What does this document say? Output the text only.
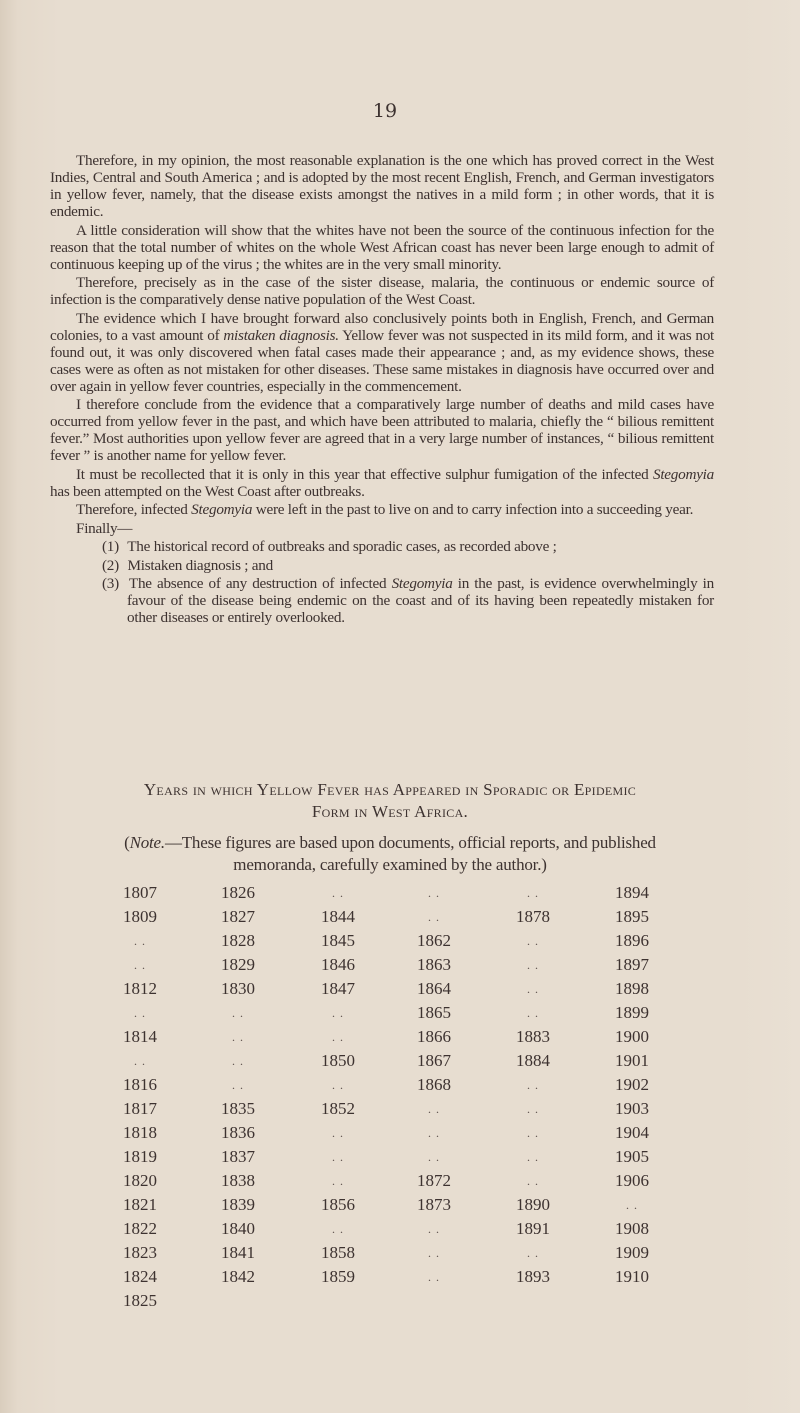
19

Therefore, in my opinion, the most reasonable explanation is the one which has proved correct in the West Indies, Central and South America ; and is adopted by the most recent English, French, and German investigators in yellow fever, namely, that the disease exists amongst the natives in a mild form ; in other words, that it is endemic.

A little consideration will show that the whites have not been the source of the continuous infection for the reason that the total number of whites on the whole West African coast has never been large enough to admit of continuous keeping up of the virus ; the whites are in the very small minority.

Therefore, precisely as in the case of the sister disease, malaria, the continuous or endemic source of infection is the comparatively dense native population of the West Coast.

The evidence which I have brought forward also conclusively points both in English, French, and German colonies, to a vast amount of mistaken diagnosis. Yellow fever was not suspected in its mild form, and it was not found out, it was only discovered when fatal cases made their appearance ; and, as my evidence shows, these cases were as often as not mistaken for other diseases. These same mistakes in diagnosis have occurred over and over again in yellow fever countries, especially in the commencement.

I therefore conclude from the evidence that a comparatively large number of deaths and mild cases have occurred from yellow fever in the past, and which have been attributed to malaria, chiefly the “ bilious remittent fever.” Most authorities upon yellow fever are agreed that in a very large number of instances, “ bilious remittent fever ” is another name for yellow fever.

It must be recollected that it is only in this year that effective sulphur fumigation of the infected Stegomyia has been attempted on the West Coast after outbreaks.

Therefore, infected Stegomyia were left in the past to live on and to carry infection into a succeeding year.

Finally—
(1) The historical record of outbreaks and sporadic cases, as recorded above ;
(2) Mistaken diagnosis ; and
(3) The absence of any destruction of infected Stegomyia in the past, is evidence overwhelmingly in favour of the disease being endemic on the coast and of its having been repeatedly mistaken for other diseases or entirely overlooked.
Years in which Yellow Fever has Appeared in Sporadic or Epidemic
Form in West Africa.
(Note.—These figures are based upon documents, official reports, and published
memoranda, carefully examined by the author.)
1807	1826	. .	. .	. .	1894
1809	1827	1844	. .	1878	1895
. .	1828	1845	1862	. .	1896
. .	1829	1846	1863	. .	1897
1812	1830	1847	1864	. .	1898
. .	. .	. .	1865	. .	1899
1814	. .	. .	1866	1883	1900
. .	. .	1850	1867	1884	1901
1816	. .	. .	1868	. .	1902
1817	1835	1852	. .	. .	1903
1818	1836	. .	. .	. .	1904
1819	1837	. .	. .	. .	1905
1820	1838	. .	1872	. .	1906
1821	1839	1856	1873	1890	. .
1822	1840	. .	. .	1891	1908
1823	1841	1858	. .	. .	1909
1824	1842	1859	. .	1893	1910
1825
